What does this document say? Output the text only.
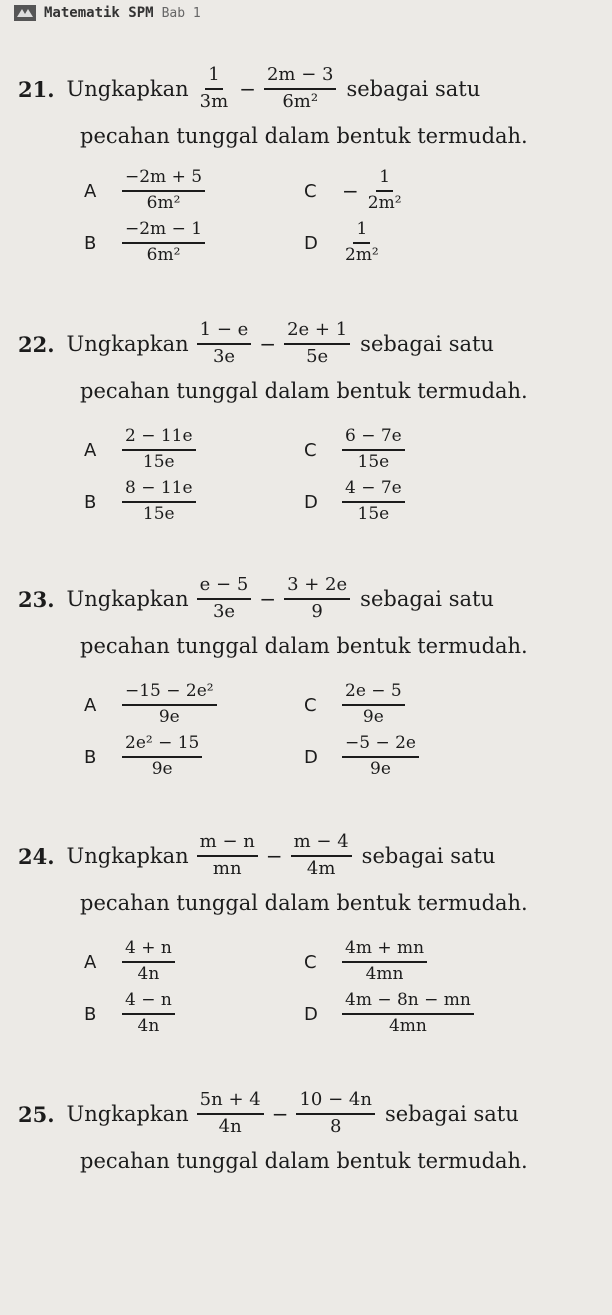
Matematik SPM Bab 1
21. Ungkapkan $\frac{1}{3m} - \frac{2m - 3}{\text{6m²}}$ sebagai satu
pecahan tunggal dalam bentuk termudah.
A	$\frac{-2m + 5}{\text{6m²}}$
B	$\frac{-2m - 1}{\text{6m²}}$
C	− $\frac{1}{\text{2m²}}$
D	$\frac{1}{\text{2m²}}$
22. Ungkapkan $\frac{1 - e}{3e} - \frac{2e + 1}{5e}$ sebagai satu
pecahan tunggal dalam bentuk termudah.
A	$\frac{2 - 11e}{15e}$
B	$\frac{8 - 11e}{15e}$
C	$\frac{6 - 7e}{15e}$
D	$\frac{4 - 7e}{15e}$
23. Ungkapkan $\frac{e - 5}{3e} - \frac{3 + 2e}{9}$ sebagai satu
pecahan tunggal dalam bentuk termudah.
A	$\frac{\text{−15 − 2e²}}{9e}$
B	$\frac{\text{2e² − 15}}{9e}$
C	$\frac{2e - 5}{9e}$
D	$\frac{-5 - 2e}{9e}$
24. Ungkapkan $\frac{m - n}{mn} - \frac{m - 4}{4m}$ sebagai satu
pecahan tunggal dalam bentuk termudah.
A	$\frac{4 + n}{4n}$
B	$\frac{4 - n}{4n}$
C	$\frac{4m + mn}{4mn}$
D	$\frac{4m - 8n - mn}{4mn}$
25. Ungkapkan $\frac{5n + 4}{4n} - \frac{10 - 4n}{8}$ sebagai satu
pecahan tunggal dalam bentuk termudah.
